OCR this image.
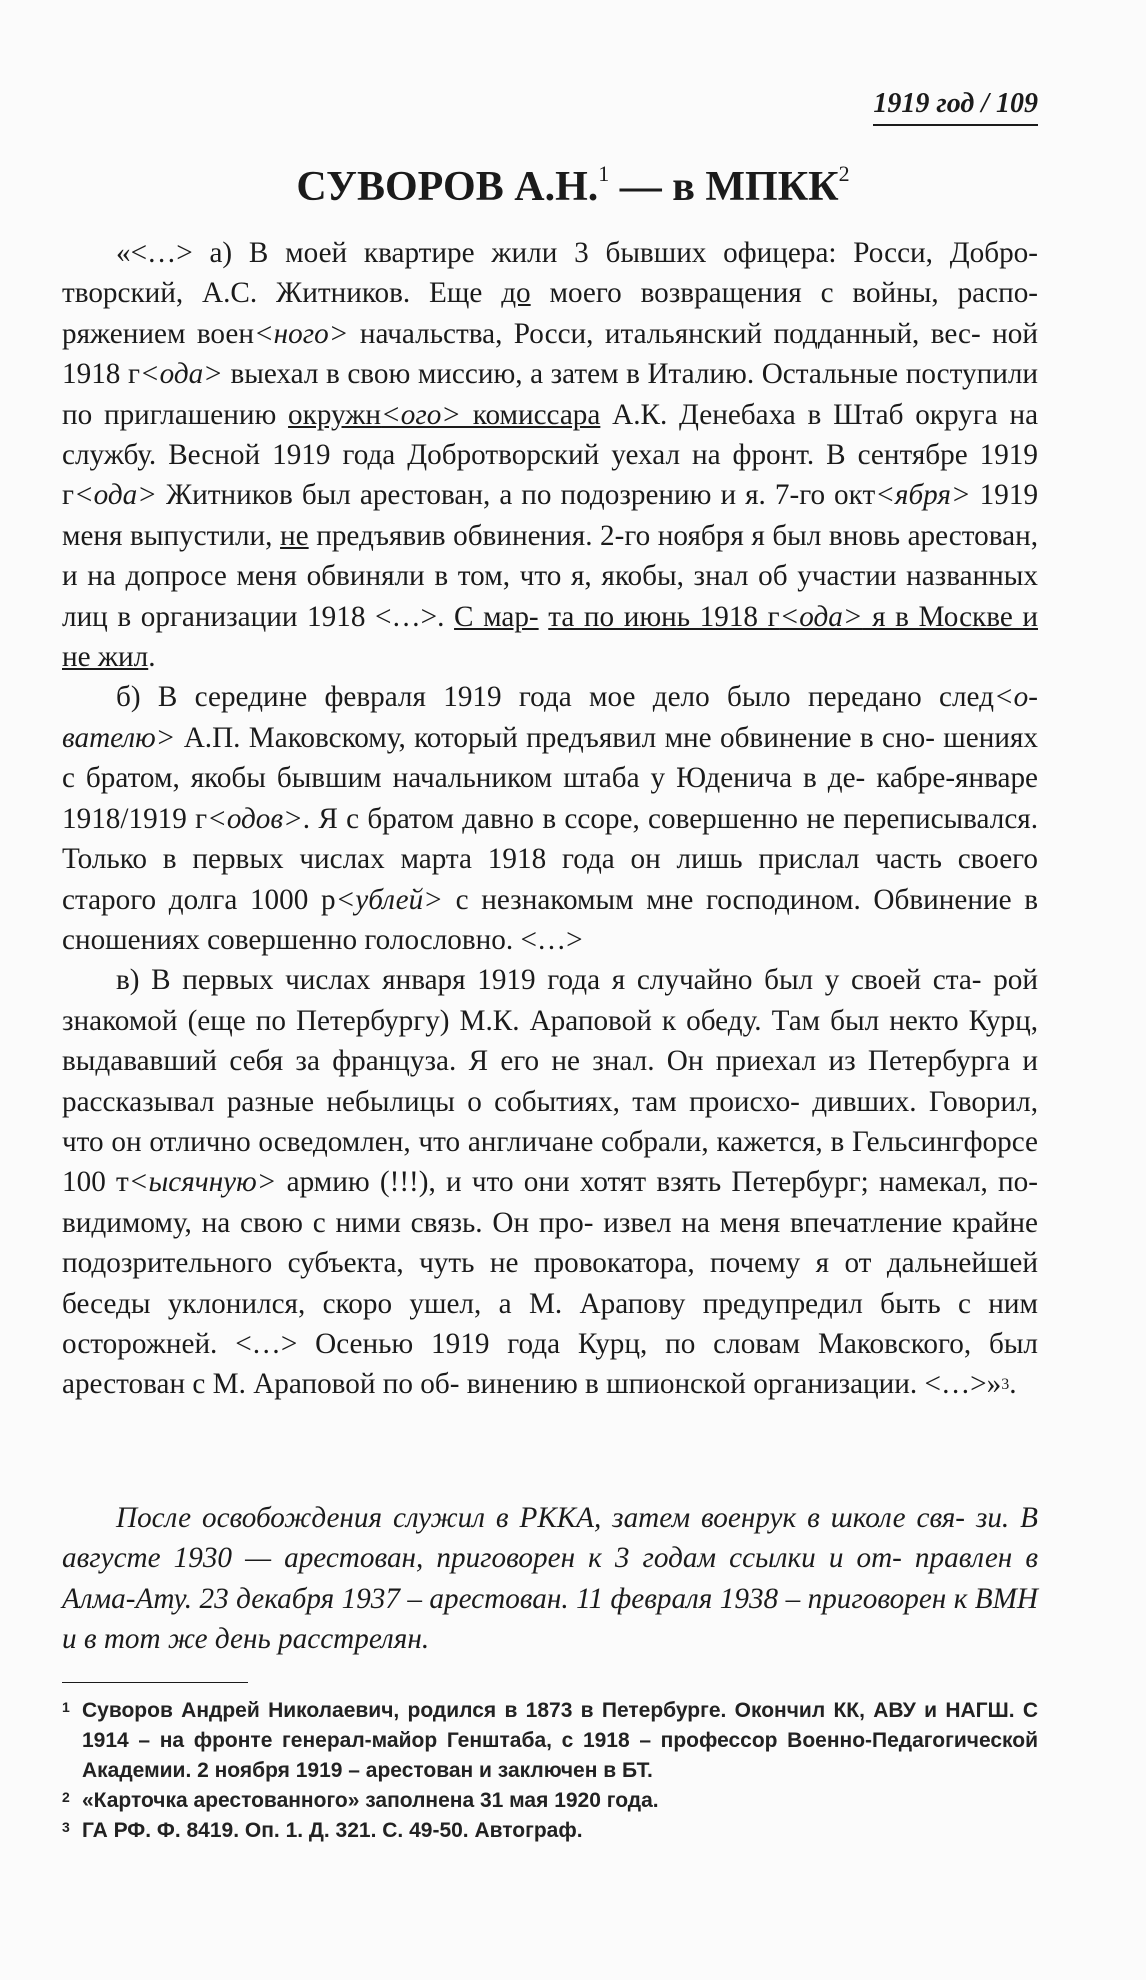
1919 год / 109
СУВОРОВ А.Н.$^1$ — в МПКК$^2$

«<…> а) В моей квартире жили 3 бывших офицера: Росси, Добро- творский, А.С. Житников. Еще до моего возвращения с войны, распо- ряжением воен<ного> начальства, Росси, итальянский подданный, вес- ной 1918 г<ода> выехал в свою миссию, а затем в Италию. Остальные поступили по приглашению окружн<ого> комиссара А.К. Денебаха в Штаб округа на службу. Весной 1919 года Добротворский уехал на фронт. В сентябре 1919 г<ода> Житников был арестован, а по подозрению и я. 7-го окт<ября> 1919 меня выпустили, не предъявив обвинения. 2-го ноября я был вновь арестован, и на допросе меня обвиняли в том, что я, якобы, знал об участии названных лиц в организации 1918 <…>. С мар- та по июнь 1918 г<ода> я в Москве и не жил.

б) В середине февраля 1919 года мое дело было передано след<о- вателю> А.П. Маковскому, который предъявил мне обвинение в сно- шениях с братом, якобы бывшим начальником штаба у Юденича в де- кабре-январе 1918/1919 г<одов>. Я с братом давно в ссоре, совершенно не переписывался. Только в первых числах марта 1918 года он лишь прислал часть своего старого долга 1000 р<ублей> с незнакомым мне господином. Обвинение в сношениях совершенно голословно. <…>

в) В первых числах января 1919 года я случайно был у своей ста- рой знакомой (еще по Петербургу) М.К. Араповой к обеду. Там был некто Курц, выдававший себя за француза. Я его не знал. Он приехал из Петербурга и рассказывал разные небылицы о событиях, там происхо- дивших. Говорил, что он отлично осведомлен, что англичане собрали, кажется, в Гельсингфорсе 100 т<ысячную> армию (!!!), и что они хотят взять Петербург; намекал, по-видимому, на свою с ними связь. Он про- извел на меня впечатление крайне подозрительного субъекта, чуть не провокатора, почему я от дальнейшей беседы уклонился, скоро ушел, а М. Арапову предупредил быть с ним осторожней. <…> Осенью 1919 года Курц, по словам Маковского, был арестован с М. Араповой по об- винению в шпионской организации. <…>»$^3$.

После освобождения служил в РККА, затем военрук в школе свя- зи. В августе 1930 — арестован, приговорен к 3 годам ссылки и от- правлен в Алма-Ату. 23 декабря 1937 – арестован. 11 февраля 1938 – приговорен к ВМН и в тот же день расстрелян.
1 Суворов Андрей Николаевич, родился в 1873 в Петербурге. Окончил КК, АВУ и НАГШ. С 1914 – на фронте генерал-майор Генштаба, с 1918 – профессор Военно-Педагогической Академии. 2 ноября 1919 – арестован и заключен в БТ.
2 «Карточка арестованного» заполнена 31 мая 1920 года.
3 ГА РФ. Ф. 8419. Оп. 1. Д. 321. С. 49-50. Автограф.
